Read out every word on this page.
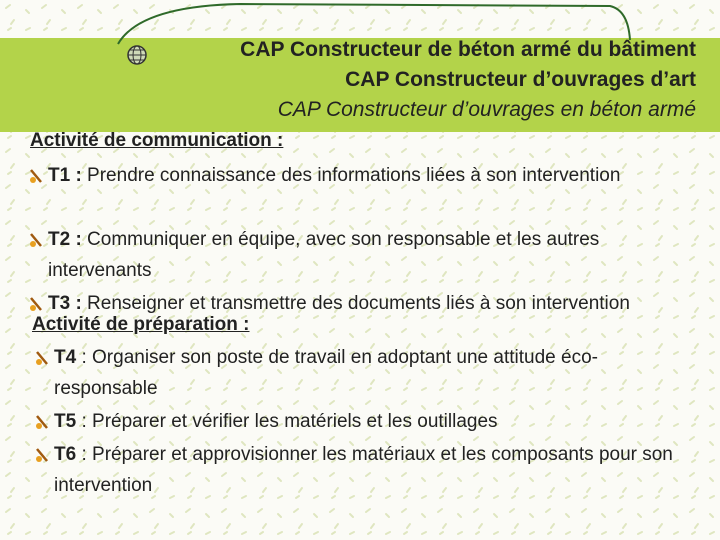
CAP Constructeur de béton armé du bâtiment
CAP Constructeur d’ouvrages d’art
CAP Constructeur d’ouvrages en béton armé
Activité de communication :
T1 : Prendre connaissance des informations liées à son intervention
T2 : Communiquer en équipe, avec son responsable et les autres intervenants
T3 : Renseigner et transmettre des documents liés à son intervention
Activité de préparation :
T4 : Organiser son poste de travail en adoptant une attitude éco-responsable
T5 : Préparer et vérifier les matériels et les outillages
T6 : Préparer et approvisionner les matériaux et les composants pour son intervention
